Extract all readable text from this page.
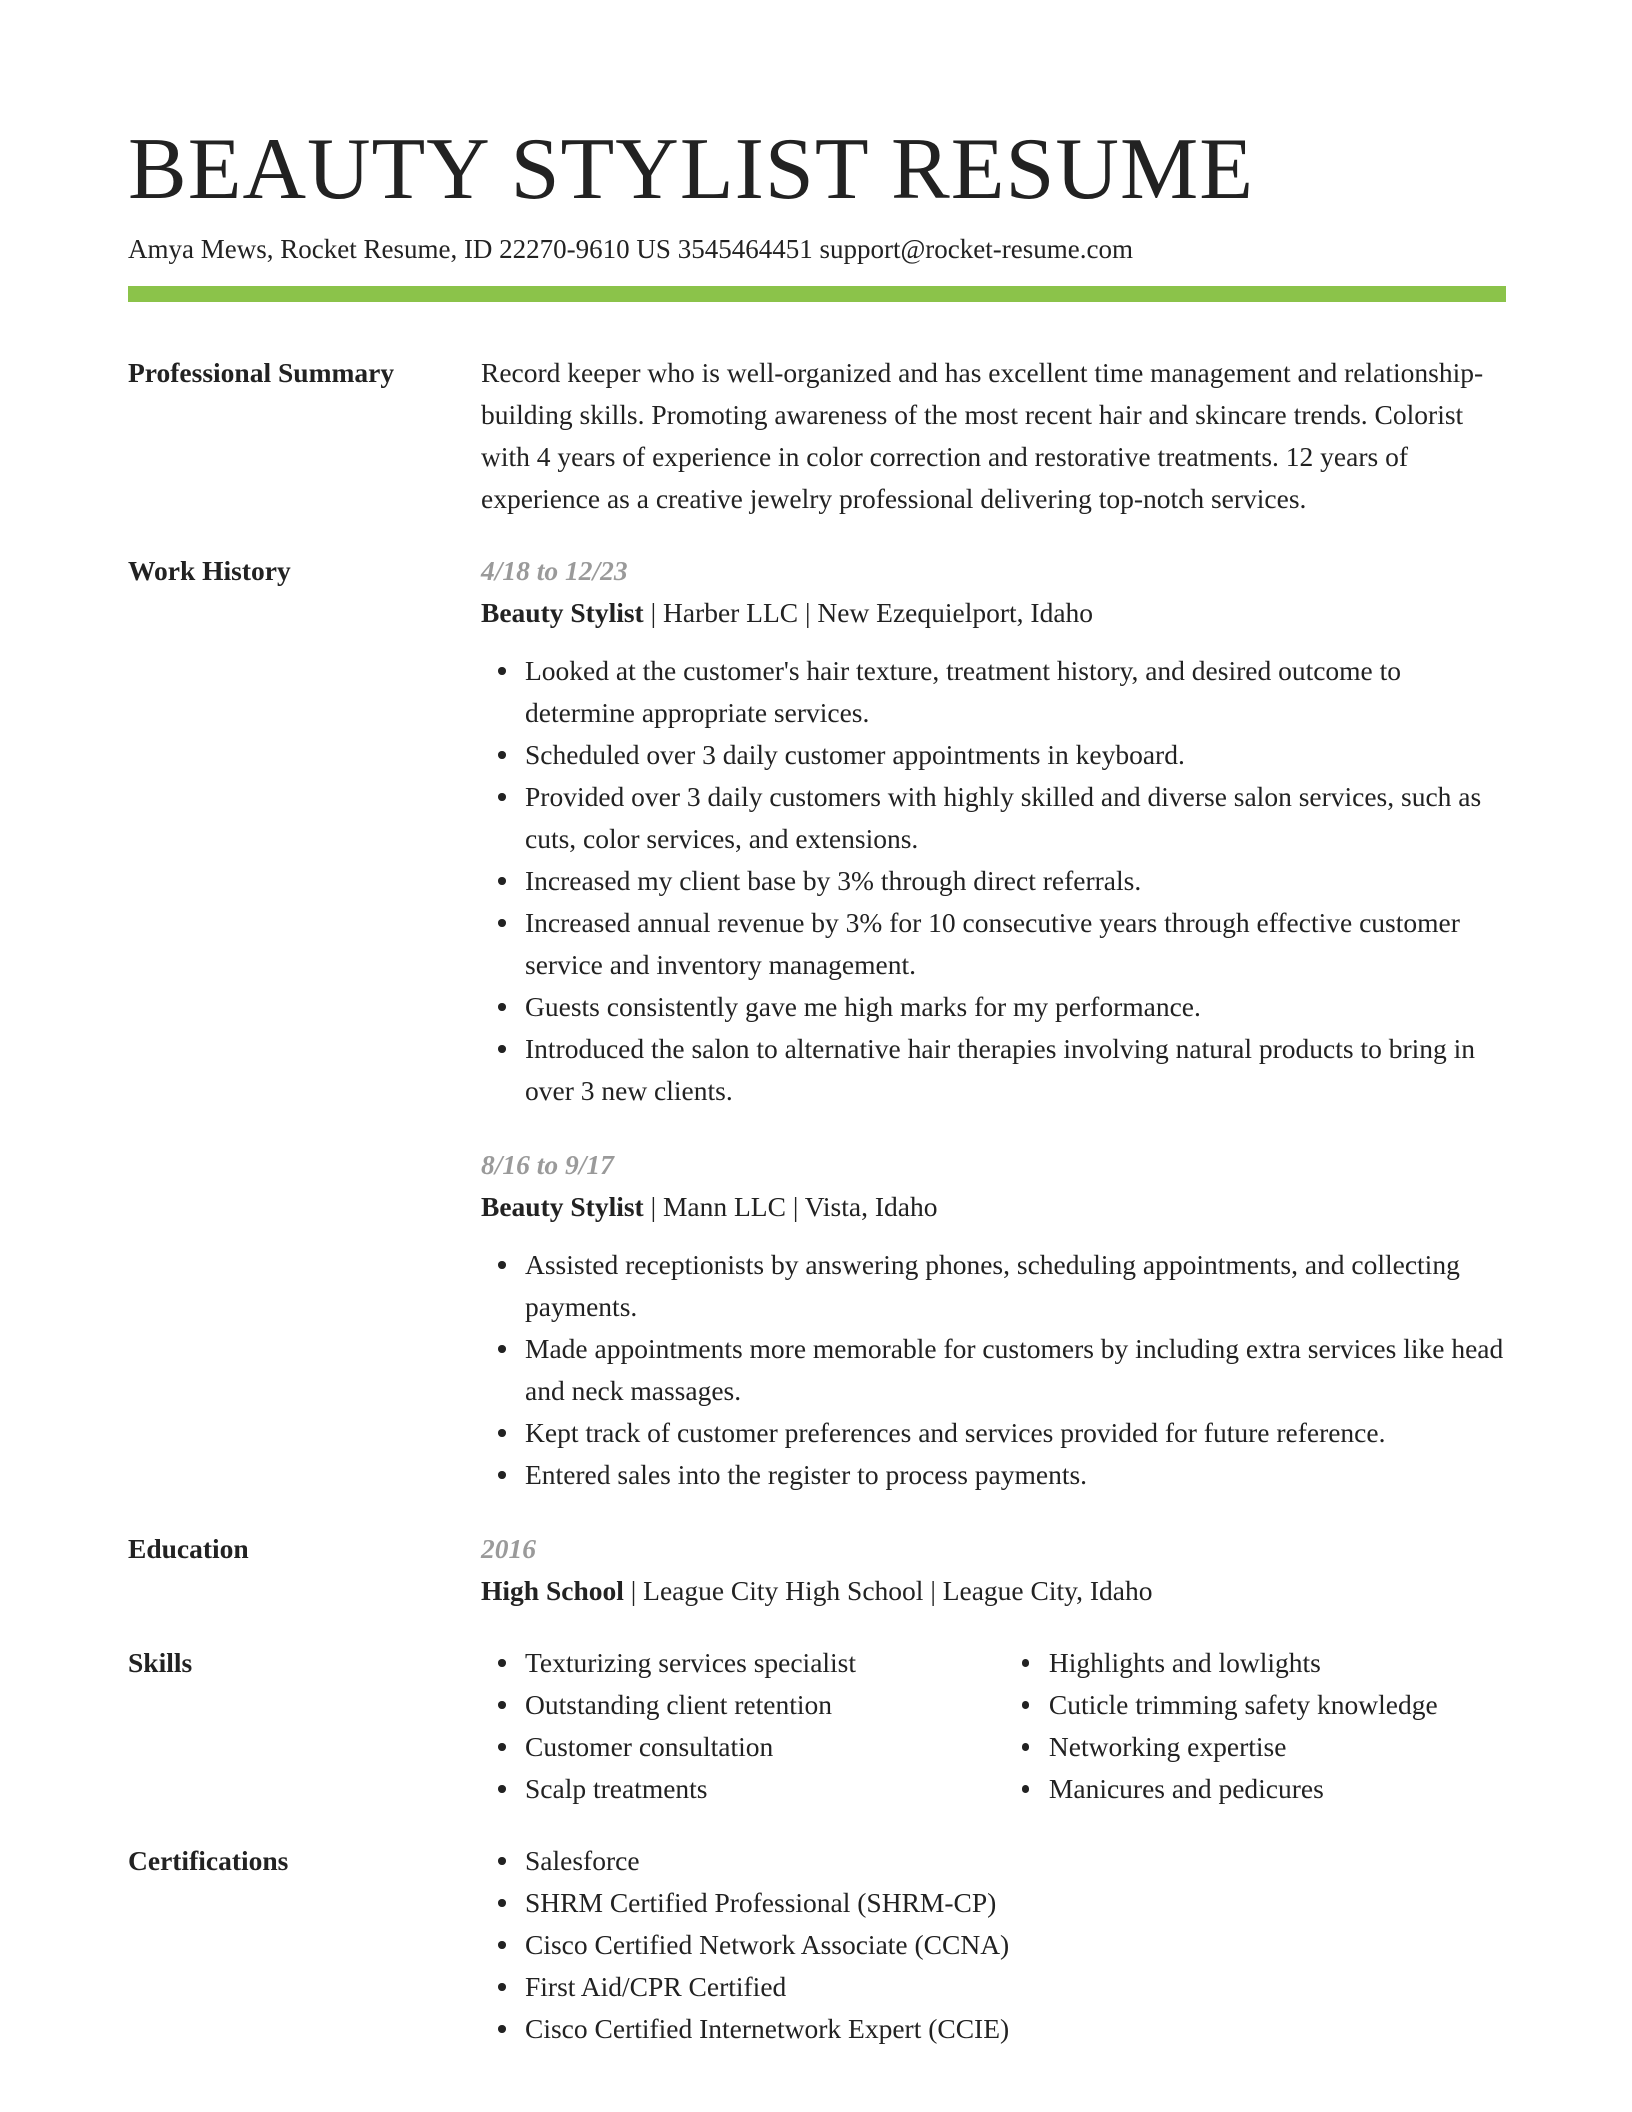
BEAUTY STYLIST RESUME
Amya Mews, Rocket Resume, ID 22270-9610 US 3545464451 support@rocket-resume.com
Professional Summary	Record keeper who is well-organized and has excellent time management and relationship-building skills. Promoting awareness of the most recent hair and skincare trends. Colorist with 4 years of experience in color correction and restorative treatments. 12 years of experience as a creative jewelry professional delivering top-notch services.

Work History	4/18 to 12/23
Beauty Stylist | Harber LLC | New Ezequielport, Idaho
Looked at the customer's hair texture, treatment history, and desired outcome to determine appropriate services.
Scheduled over 3 daily customer appointments in keyboard.
Provided over 3 daily customers with highly skilled and diverse salon services, such as cuts, color services, and extensions.
Increased my client base by 3% through direct referrals.
Increased annual revenue by 3% for 10 consecutive years through effective customer service and inventory management.
Guests consistently gave me high marks for my performance.
Introduced the salon to alternative hair therapies involving natural products to bring in over 3 new clients.
8/16 to 9/17
Beauty Stylist | Mann LLC | Vista, Idaho
Assisted receptionists by answering phones, scheduling appointments, and collecting payments.
Made appointments more memorable for customers by including extra services like head and neck massages.
Kept track of customer preferences and services provided for future reference.
Entered sales into the register to process payments.
Education	2016
High School | League City High School | League City, Idaho
Skills	Texturizing services specialist
Outstanding client retention
Customer consultation
Scalp treatments
Highlights and lowlights
Cuticle trimming safety knowledge
Networking expertise
Manicures and pedicures
Certifications	Salesforce
SHRM Certified Professional (SHRM-CP)
Cisco Certified Network Associate (CCNA)
First Aid/CPR Certified
Cisco Certified Internetwork Expert (CCIE)
